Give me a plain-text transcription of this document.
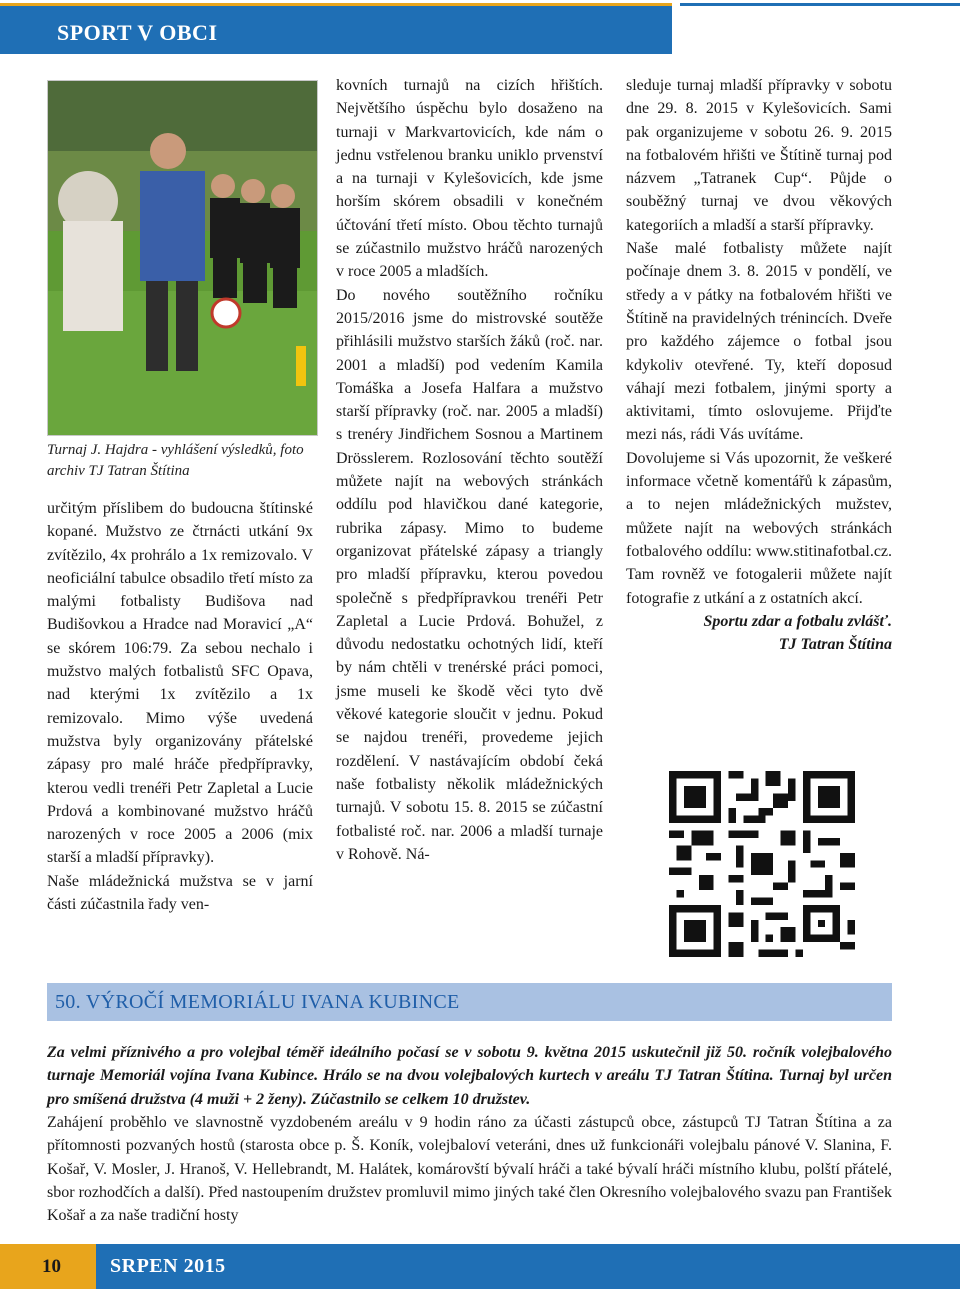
SPORT V OBCI
Turnaj J. Hajdra - vyhlášení výsledků, foto archiv TJ Tatran Štítina

určitým příslibem do budoucna štítinské kopané. Mužstvo ze čtrnácti utkání 9x zvítězilo, 4x prohrálo a 1x remizovalo. V neoficiální tabulce obsadilo třetí místo za malými fotbalisty Budišova nad Budišovkou a Hradce nad Moravicí „A“ se skórem 106:79. Za sebou nechalo i mužstvo malých fotbalistů SFC Opava, nad kterými 1x zvítězilo a 1x remizovalo. Mimo výše uvedená mužstva byly organizovány přátelské zápasy pro malé hráče předpřípravky, kterou vedli trenéři Petr Zapletal a Lucie Prdová a kombinované mužstvo hráčů narozených v roce 2005 a 2006 (mix starší a mladší přípravky).

Naše mládežnická mužstva se v jarní části zúčastnila řady ven-

kovních turnajů na cizích hřištích. Největšího úspěchu bylo dosaženo na turnaji v Markvartovicích, kde nám o jednu vstřelenou branku uniklo prvenství a na turnaji v Kylešovicích, kde jsme horším skórem obsadili v konečném účtování třetí místo. Obou těchto turnajů se zúčastnilo mužstvo hráčů narozených v roce 2005 a mladších.

Do nového soutěžního ročníku 2015/2016 jsme do mistrovské soutěže přihlásili mužstvo starších žáků (roč. nar. 2001 a mladší) pod vedením Kamila Tomáška a Josefa Halfara a mužstvo starší přípravky (roč. nar. 2005 a mladší) s trenéry Jindřichem Sosnou a Martinem Drösslerem. Rozlosování těchto soutěží můžete najít na webových stránkách oddílu pod hlavičkou dané kategorie, rubrika zápasy. Mimo to budeme organizovat přátelské zápasy a triangly pro mladší přípravku, kterou povedou společně s předpřípravkou trenéři Petr Zapletal a Lucie Prdová. Bohužel, z důvodu nedostatku ochotných lidí, kteří by nám chtěli v trenérské práci pomoci, jsme museli ke škodě věci tyto dvě věkové kategorie sloučit v jednu. Pokud se najdou trenéři, provedeme jejich rozdělení. V nastávajícím období čeká naše fotbalisty několik mládežnických turnajů. V sobotu 15. 8. 2015 se zúčastní fotbalisté roč. nar. 2006 a mladší turnaje v Rohově. Ná-

sleduje turnaj mladší přípravky v sobotu dne 29. 8. 2015 v Kylešovicích. Sami pak organizujeme v sobotu 26. 9. 2015 na fotbalovém hřišti ve Štítině turnaj pod názvem „Tatranek Cup“. Půjde o souběžný turnaj ve dvou věkových kategoriích a mladší a starší přípravky.

Naše malé fotbalisty můžete najít počínaje dnem 3. 8. 2015 v pondělí, ve středy a v pátky na fotbalovém hřišti ve Štítině na pravidelných trénincích. Dveře pro každého zájemce o fotbal jsou kdykoliv otevřené. Ty, kteří doposud váhají mezi fotbalem, jinými sporty a aktivitami, tímto oslovujeme. Přijďte mezi nás, rádi Vás uvítáme.

Dovolujeme si Vás upozornit, že veškeré informace včetně komentářů k zápasům, a to nejen mládežnických mužstev, můžete najít na webových stránkách fotbalového oddílu: www.stitinafotbal.cz. Tam rovněž ve fotogalerii můžete najít fotografie z utkání a z ostatních akcí.

Sportu zdar a fotbalu zvlášť.

TJ Tatran Štítina

50. VÝROČÍ MEMORIÁLU IVANA KUBINCE

Za velmi příznivého a pro volejbal téměř ideálního počasí se v sobotu 9. května 2015 uskutečnil již 50. ročník volejbalového turnaje Memoriál vojína Ivana Kubince. Hrálo se na dvou volejbalových kurtech v areálu TJ Tatran Štítina. Turnaj byl určen pro smíšená družstva (4 muži + 2 ženy). Zúčastnilo se celkem 10 družstev.

Zahájení proběhlo ve slavnostně vyzdobeném areálu v 9 hodin ráno za účasti zástupců obce, zástupců TJ Tatran Štítina a za přítomnosti pozvaných hostů (starosta obce p. Š. Koník, volejbaloví veteráni, dnes už funkcionáři volejbalu pánové V. Slanina, F. Košař, V. Mosler, J. Hranoš, V. Hellebrandt, M. Halátek, komárovští bývalí hráči a také bývalí hráči místního klubu, polští přátelé, sbor rozhodčích a další). Před nastoupením družstev promluvil mimo jiných také člen Okresního volejbalového svazu pan František Košař a za naše tradiční hosty

10 SRPEN 2015
